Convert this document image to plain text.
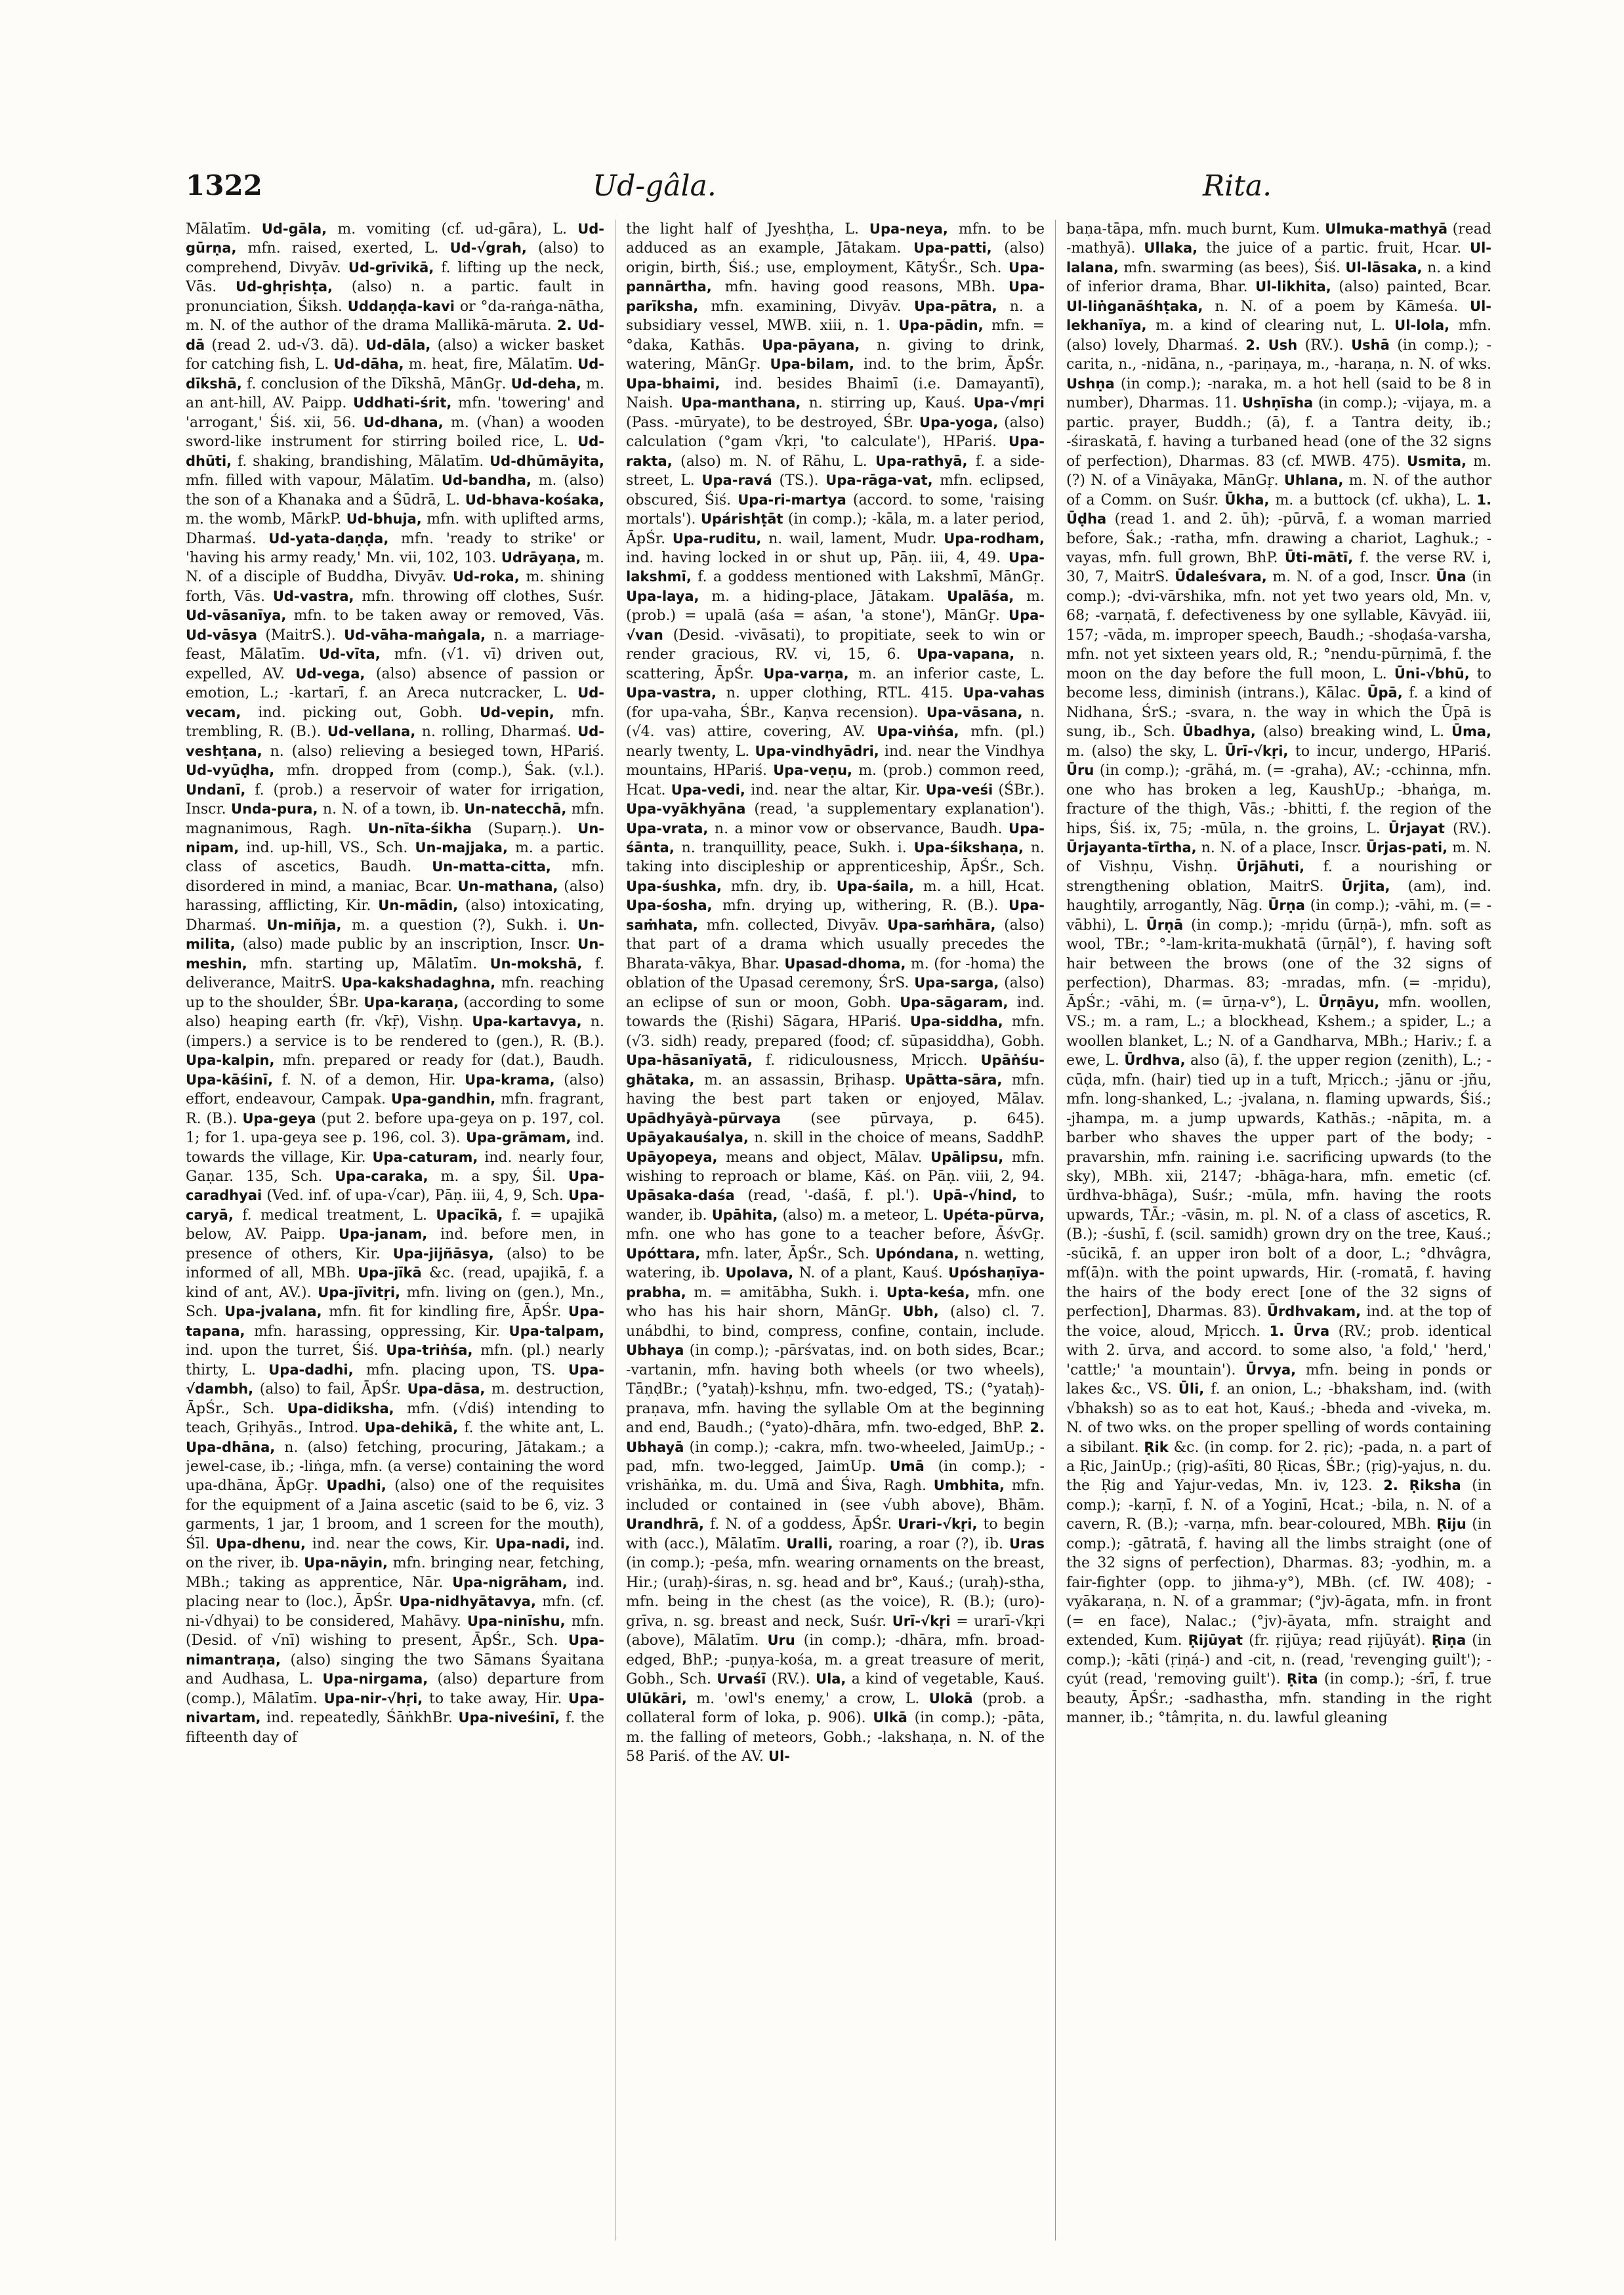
1322	Ud-gâla.	Rita.
Mālatīm. Ud-gāla, m. vomiting (cf. ud-gāra), L. Ud-gūrṇa, mfn. raised, exerted, L. Ud-√grah, (also) to comprehend, Divyāv. Ud-grīvikā, f. lifting up the neck, Vās. Ud-ghṛishṭa, (also) n. a partic. fault in pronunciation, Śiksh. Uddaṇḍa-kavi or °da-raṅga-nātha, m. N. of the author of the drama Mallikā-māruta. 2. Ud-dā (read 2. ud-√3. dā). Ud-dāla, (also) a wicker basket for catching fish, L. Ud-dāha, m. heat, fire, Mālatīm. Ud-dīkshā, f. conclusion of the Dīkshā, MānGṛ. Ud-deha, m. an ant-hill, AV. Paipp. Uddhati-śrit, mfn. 'towering' and 'arrogant,' Śiś. xii, 56. Ud-dhana, m. (√han) a wooden sword-like instrument for stirring boiled rice, L. Ud-dhūti, f. shaking, brandishing, Mālatīm. Ud-dhūmāyita, mfn. filled with vapour, Mālatīm. Ud-bandha, m. (also) the son of a Khanaka and a Śūdrā, L. Ud-bhava-kośaka, m. the womb, MārkP. Ud-bhuja, mfn. with uplifted arms, Dharmaś. Ud-yata-daṇḍa, mfn. 'ready to strike' or 'having his army ready,' Mn. vii, 102, 103. Udrāyaṇa, m. N. of a disciple of Buddha, Divyāv. Ud-roka, m. shining forth, Vās. Ud-vastra, mfn. throwing off clothes, Suśr. Ud-vāsanīya, mfn. to be taken away or removed, Vās. Ud-vāsya (MaitrS.). Ud-vāha-maṅgala, n. a marriage-feast, Mālatīm. Ud-vīta, mfn. (√1. vī) driven out, expelled, AV. Ud-vega, (also) absence of passion or emotion, L.; -kartarī, f. an Areca nutcracker, L. Ud-vecam, ind. picking out, Gobh. Ud-vepin, mfn. trembling, R. (B.). Ud-vellana, n. rolling, Dharmaś. Ud-veshṭana, n. (also) relieving a besieged town, HPariś. Ud-vyūḍha, mfn. dropped from (comp.), Śak. (v.l.). Undanī, f. (prob.) a reservoir of water for irrigation, Inscr. Unda-pura, n. N. of a town, ib. Un-natecchā, mfn. magnanimous, Ragh. Un-nīta-śikha (Suparṇ.). Un-nipam, ind. up-hill, VS., Sch. Un-majjaka, m. a partic. class of ascetics, Baudh. Un-matta-citta, mfn. disordered in mind, a maniac, Bcar. Un-mathana, (also) harassing, afflicting, Kir. Un-mādin, (also) intoxicating, Dharmaś. Un-miñja, m. a question (?), Sukh. i. Un-milita, (also) made public by an inscription, Inscr. Un-meshin, mfn. starting up, Mālatīm. Un-mokshā, f. deliverance, MaitrS. Upa-kakshadaghna, mfn. reaching up to the shoulder, ŚBr. Upa-karaṇa, (according to some also) heaping earth (fr. √kṝ), Vishṇ. Upa-kartavya, n. (impers.) a service is to be rendered to (gen.), R. (B.). Upa-kalpin, mfn. prepared or ready for (dat.), Baudh. Upa-kāśinī, f. N. of a demon, Hir. Upa-krama, (also) effort, endeavour, Campak. Upa-gandhin, mfn. fragrant, R. (B.). Upa-geya (put 2. before upa-geya on p. 197, col. 1; for 1. upa-geya see p. 196, col. 3). Upa-grāmam, ind. towards the village, Kir. Upa-caturam, ind. nearly four, Gaṇar. 135, Sch. Upa-caraka, m. a spy, Śil. Upa-caradhyai (Ved. inf. of upa-√car), Pāṇ. iii, 4, 9, Sch. Upa-caryā, f. medical treatment, L. Upacīkā, f. = upajikā below, AV. Paipp. Upa-janam, ind. before men, in presence of others, Kir. Upa-jijñāsya, (also) to be informed of all, MBh. Upa-jīkā &c. (read, upajikā, f. a kind of ant, AV.). Upa-jīvitṛi, mfn. living on (gen.), Mn., Sch. Upa-jvalana, mfn. fit for kindling fire, ĀpŚr. Upa-tapana, mfn. harassing, oppressing, Kir. Upa-talpam, ind. upon the turret, Śiś. Upa-triṅśa, mfn. (pl.) nearly thirty, L. Upa-dadhi, mfn. placing upon, TS. Upa-√dambh, (also) to fail, ĀpŚr. Upa-dāsa, m. destruction, ĀpŚr., Sch. Upa-didiksha, mfn. (√diś) intending to teach, Gṛihyās., Introd. Upa-dehikā, f. the white ant, L. Upa-dhāna, n. (also) fetching, procuring, Jātakam.; a jewel-case, ib.; -liṅga, mfn. (a verse) containing the word upa-dhāna, ĀpGṛ. Upadhi, (also) one of the requisites for the equipment of a Jaina ascetic (said to be 6, viz. 3 garments, 1 jar, 1 broom, and 1 screen for the mouth), Śīl. Upa-dhenu, ind. near the cows, Kir. Upa-nadi, ind. on the river, ib. Upa-nāyin, mfn. bringing near, fetching, MBh.; taking as apprentice, Nār. Upa-nigrāham, ind. placing near to (loc.), ĀpŚr. Upa-nidhyātavya, mfn. (cf. ni-√dhyai) to be considered, Mahāvy. Upa-ninīshu, mfn. (Desid. of √nī) wishing to present, ĀpŚr., Sch. Upa-nimantraṇa, (also) singing the two Sāmans Śyaitana and Audhasa, L. Upa-nirgama, (also) departure from (comp.), Mālatīm. Upa-nir-√hṛi, to take away, Hir. Upa-nivartam, ind. repeatedly, ŚāṅkhBr. Upa-niveśinī, f. the fifteenth day of
the light half of Jyeshṭha, L. Upa-neya, mfn. to be adduced as an example, Jātakam. Upa-patti, (also) origin, birth, Śiś.; use, employment, KātyŚr., Sch. Upa-pannārtha, mfn. having good reasons, MBh. Upa-parīksha, mfn. examining, Divyāv. Upa-pātra, n. a subsidiary vessel, MWB. xiii, n. 1. Upa-pādin, mfn. = °daka, Kathās. Upa-pāyana, n. giving to drink, watering, MānGṛ. Upa-bilam, ind. to the brim, ĀpŚr. Upa-bhaimi, ind. besides Bhaimī (i.e. Damayantī), Naish. Upa-manthana, n. stirring up, Kauś. Upa-√mṛi (Pass. -mūryate), to be destroyed, ŚBr. Upa-yoga, (also) calculation (°gam √kṛi, 'to calculate'), HPariś. Upa-rakta, (also) m. N. of Rāhu, L. Upa-rathyā, f. a side-street, L. Upa-ravá (TS.). Upa-rāga-vat, mfn. eclipsed, obscured, Śiś. Upa-ri-martya (accord. to some, 'raising mortals'). Upárishṭāt (in comp.); -kāla, m. a later period, ĀpŚr. Upa-ruditu, n. wail, lament, Mudr. Upa-rodham, ind. having locked in or shut up, Pāṇ. iii, 4, 49. Upa-lakshmī, f. a goddess mentioned with Lakshmī, MānGṛ. Upa-laya, m. a hiding-place, Jātakam. Upalāśa, m. (prob.) = upalā (aśa = aśan, 'a stone'), MānGṛ. Upa-√van (Desid. -vivāsati), to propitiate, seek to win or render gracious, RV. vi, 15, 6. Upa-vapana, n. scattering, ĀpŚr. Upa-varṇa, m. an inferior caste, L. Upa-vastra, n. upper clothing, RTL. 415. Upa-vahas (for upa-vaha, ŚBr., Kaṇva recension). Upa-vāsana, n. (√4. vas) attire, covering, AV. Upa-viṅśa, mfn. (pl.) nearly twenty, L. Upa-vindhyādri, ind. near the Vindhya mountains, HPariś. Upa-veṇu, m. (prob.) common reed, Hcat. Upa-vedi, ind. near the altar, Kir. Upa-veśi (ŚBr.). Upa-vyākhyāna (read, 'a supplementary explanation'). Upa-vrata, n. a minor vow or observance, Baudh. Upa-śānta, n. tranquillity, peace, Sukh. i. Upa-śikshaṇa, n. taking into discipleship or apprenticeship, ĀpŚr., Sch. Upa-śushka, mfn. dry, ib. Upa-śaila, m. a hill, Hcat. Upa-śosha, mfn. drying up, withering, R. (B.). Upa-saṁhata, mfn. collected, Divyāv. Upa-saṁhāra, (also) that part of a drama which usually precedes the Bharata-vākya, Bhar. Upasad-dhoma, m. (for -homa) the oblation of the Upasad ceremony, ŚrS. Upa-sarga, (also) an eclipse of sun or moon, Gobh. Upa-sāgaram, ind. towards the (Ṛishi) Sāgara, HPariś. Upa-siddha, mfn. (√3. sidh) ready, prepared (food; cf. sūpasiddha), Gobh. Upa-hāsanīyatā, f. ridiculousness, Mṛicch. Upāṅśu-ghātaka, m. an assassin, Bṛihasp. Upātta-sāra, mfn. having the best part taken or enjoyed, Mālav. Upādhyāyà-pūrvaya (see pūrvaya, p. 645). Upāyakauśalya, n. skill in the choice of means, SaddhP. Upāyopeya, means and object, Mālav. Upālipsu, mfn. wishing to reproach or blame, Kāś. on Pāṇ. viii, 2, 94. Upāsaka-daśa (read, '-daśā, f. pl.'). Upā-√hind, to wander, ib. Upāhita, (also) m. a meteor, L. Upéta-pūrva, mfn. one who has gone to a teacher before, ĀśvGṛ. Upóttara, mfn. later, ĀpŚr., Sch. Upóndana, n. wetting, watering, ib. Upolava, N. of a plant, Kauś. Upóshaṇīya-prabha, m. = amitābha, Sukh. i. Upta-keśa, mfn. one who has his hair shorn, MānGṛ. Ubh, (also) cl. 7. unábdhi, to bind, compress, confine, contain, include. Ubhaya (in comp.); -pārśvatas, ind. on both sides, Bcar.; -vartanin, mfn. having both wheels (or two wheels), TāṇḍBr.; (°yataḥ)-kshṇu, mfn. two-edged, TS.; (°yataḥ)-praṇava, mfn. having the syllable Om at the beginning and end, Baudh.; (°yato)-dhāra, mfn. two-edged, BhP. 2. Ubhayā (in comp.); -cakra, mfn. two-wheeled, JaimUp.; -pad, mfn. two-legged, JaimUp. Umā (in comp.); -vrishāṅka, m. du. Umā and Śiva, Ragh. Umbhita, mfn. included or contained in (see √ubh above), Bhām. Urandhrā, f. N. of a goddess, ĀpŚr. Urari-√kṛi, to begin with (acc.), Mālatīm. Uralli, roaring, a roar (?), ib. Uras (in comp.); -peśa, mfn. wearing ornaments on the breast, Hir.; (uraḥ)-śiras, n. sg. head and br°, Kauś.; (uraḥ)-stha, mfn. being in the chest (as the voice), R. (B.); (uro)-grīva, n. sg. breast and neck, Suśr. Urī-√kṛi = urarī-√kṛi (above), Mālatīm. Uru (in comp.); -dhāra, mfn. broad-edged, BhP.; -puṇya-kośa, m. a great treasure of merit, Gobh., Sch. Urvaśī (RV.). Ula, a kind of vegetable, Kauś. Ulūkāri, m. 'owl's enemy,' a crow, L. Ulokā (prob. a collateral form of loka, p. 906). Ulkā (in comp.); -pāta, m. the falling of meteors, Gobh.; -lakshaṇa, n. N. of the 58 Pariś. of the AV. Ul-
baṇa-tāpa, mfn. much burnt, Kum. Ulmuka-mathyā (read -mathyā). Ullaka, the juice of a partic. fruit, Hcar. Ul-lalana, mfn. swarming (as bees), Śiś. Ul-lāsaka, n. a kind of inferior drama, Bhar. Ul-likhita, (also) painted, Bcar. Ul-liṅganāśhṭaka, n. N. of a poem by Kāmeśa. Ul-lekhanīya, m. a kind of clearing nut, L. Ul-lola, mfn. (also) lovely, Dharmaś. 2. Ush (RV.). Ushā (in comp.); -carita, n., -nidāna, n., -pariṇaya, m., -haraṇa, n. N. of wks. Ushṇa (in comp.); -naraka, m. a hot hell (said to be 8 in number), Dharmas. 11. Ushṇīsha (in comp.); -vijaya, m. a partic. prayer, Buddh.; (ā), f. a Tantra deity, ib.; -śiraskatā, f. having a turbaned head (one of the 32 signs of perfection), Dharmas. 83 (cf. MWB. 475). Usmita, m. (?) N. of a Vināyaka, MānGṛ. Uhlana, m. N. of the author of a Comm. on Suśr. Ūkha, m. a buttock (cf. ukha), L. 1. Ūḍha (read 1. and 2. ūh); -pūrvā, f. a woman married before, Śak.; -ratha, mfn. drawing a chariot, Laghuk.; -vayas, mfn. full grown, BhP. Ūti-mātī, f. the verse RV. i, 30, 7, MaitrS. Ūdaleśvara, m. N. of a god, Inscr. Ūna (in comp.); -dvi-vārshika, mfn. not yet two years old, Mn. v, 68; -varṇatā, f. defectiveness by one syllable, Kāvyād. iii, 157; -vāda, m. improper speech, Baudh.; -shoḍaśa-varsha, mfn. not yet sixteen years old, R.; °nendu-pūrṇimā, f. the moon on the day before the full moon, L. Ūni-√bhū, to become less, diminish (intrans.), Kālac. Ūpā, f. a kind of Nidhana, ŚrS.; -svara, n. the way in which the Ūpā is sung, ib., Sch. Ūbadhya, (also) breaking wind, L. Ūma, m. (also) the sky, L. Ūrī-√kṛi, to incur, undergo, HPariś. Ūru (in comp.); -grāhá, m. (= -graha), AV.; -cchinna, mfn. one who has broken a leg, KaushUp.; -bhaṅga, m. fracture of the thigh, Vās.; -bhitti, f. the region of the hips, Śiś. ix, 75; -mūla, n. the groins, L. Ūrjayat (RV.). Ūrjayanta-tīrtha, n. N. of a place, Inscr. Ūrjas-pati, m. N. of Vishṇu, Vishṇ. Ūrjāhuti, f. a nourishing or strengthening oblation, MaitrS. Ūrjita, (am), ind. haughtily, arrogantly, Nāg. Ūrṇa (in comp.); -vāhi, m. (= -vābhi), L. Ūrṇā (in comp.); -mṛidu (ūrṇā-), mfn. soft as wool, TBr.; °-lam-krita-mukhatā (ūrṇāl°), f. having soft hair between the brows (one of the 32 signs of perfection), Dharmas. 83; -mradas, mfn. (= -mṛidu), ĀpŚr.; -vāhi, m. (= ūrṇa-v°), L. Ūrṇāyu, mfn. woollen, VS.; m. a ram, L.; a blockhead, Kshem.; a spider, L.; a woollen blanket, L.; N. of a Gandharva, MBh.; Hariv.; f. a ewe, L. Ūrdhva, also (ā), f. the upper region (zenith), L.; -cūḍa, mfn. (hair) tied up in a tuft, Mṛicch.; -jānu or -jñu, mfn. long-shanked, L.; -jvalana, n. flaming upwards, Śiś.; -jhampa, m. a jump upwards, Kathās.; -nāpita, m. a barber who shaves the upper part of the body; -pravarshin, mfn. raining i.e. sacrificing upwards (to the sky), MBh. xii, 2147; -bhāga-hara, mfn. emetic (cf. ūrdhva-bhāga), Suśr.; -mūla, mfn. having the roots upwards, TĀr.; -vāsin, m. pl. N. of a class of ascetics, R. (B.); -śushī, f. (scil. samidh) grown dry on the tree, Kauś.; -sūcikā, f. an upper iron bolt of a door, L.; °dhvâgra, mf(ā)n. with the point upwards, Hir. (-romatā, f. having the hairs of the body erect [one of the 32 signs of perfection], Dharmas. 83). Ūrdhvakam, ind. at the top of the voice, aloud, Mṛicch. 1. Ūrva (RV.; prob. identical with 2. ūrva, and accord. to some also, 'a fold,' 'herd,' 'cattle;' 'a mountain'). Ūrvya, mfn. being in ponds or lakes &c., VS. Ūli, f. an onion, L.; -bhaksham, ind. (with √bhaksh) so as to eat hot, Kauś.; -bheda and -viveka, m. N. of two wks. on the proper spelling of words containing a sibilant. Ṛik &c. (in comp. for 2. ṛic); -pada, n. a part of a Ṛic, JainUp.; (ṛig)-aśīti, 80 Ṛicas, ŚBr.; (ṛig)-yajus, n. du. the Ṛig and Yajur-vedas, Mn. iv, 123. 2. Ṛiksha (in comp.); -karṇī, f. N. of a Yoginī, Hcat.; -bila, n. N. of a cavern, R. (B.); -varṇa, mfn. bear-coloured, MBh. Ṛiju (in comp.); -gātratā, f. having all the limbs straight (one of the 32 signs of perfection), Dharmas. 83; -yodhin, m. a fair-fighter (opp. to jihma-y°), MBh. (cf. IW. 408); -vyākaraṇa, n. N. of a grammar; (°jv)-āgata, mfn. in front (= en face), Nalac.; (°jv)-āyata, mfn. straight and extended, Kum. Ṛijūyat (fr. ṛijūya; read ṛijūyát). Ṛiṇa (in comp.); -kāti (ṛiṇá-) and -cit, n. (read, 'revenging guilt'); -cyút (read, 'removing guilt'). Ṛita (in comp.); -śrī, f. true beauty, ĀpŚr.; -sadhastha, mfn. standing in the right manner, ib.; °tâmṛita, n. du. lawful gleaning
